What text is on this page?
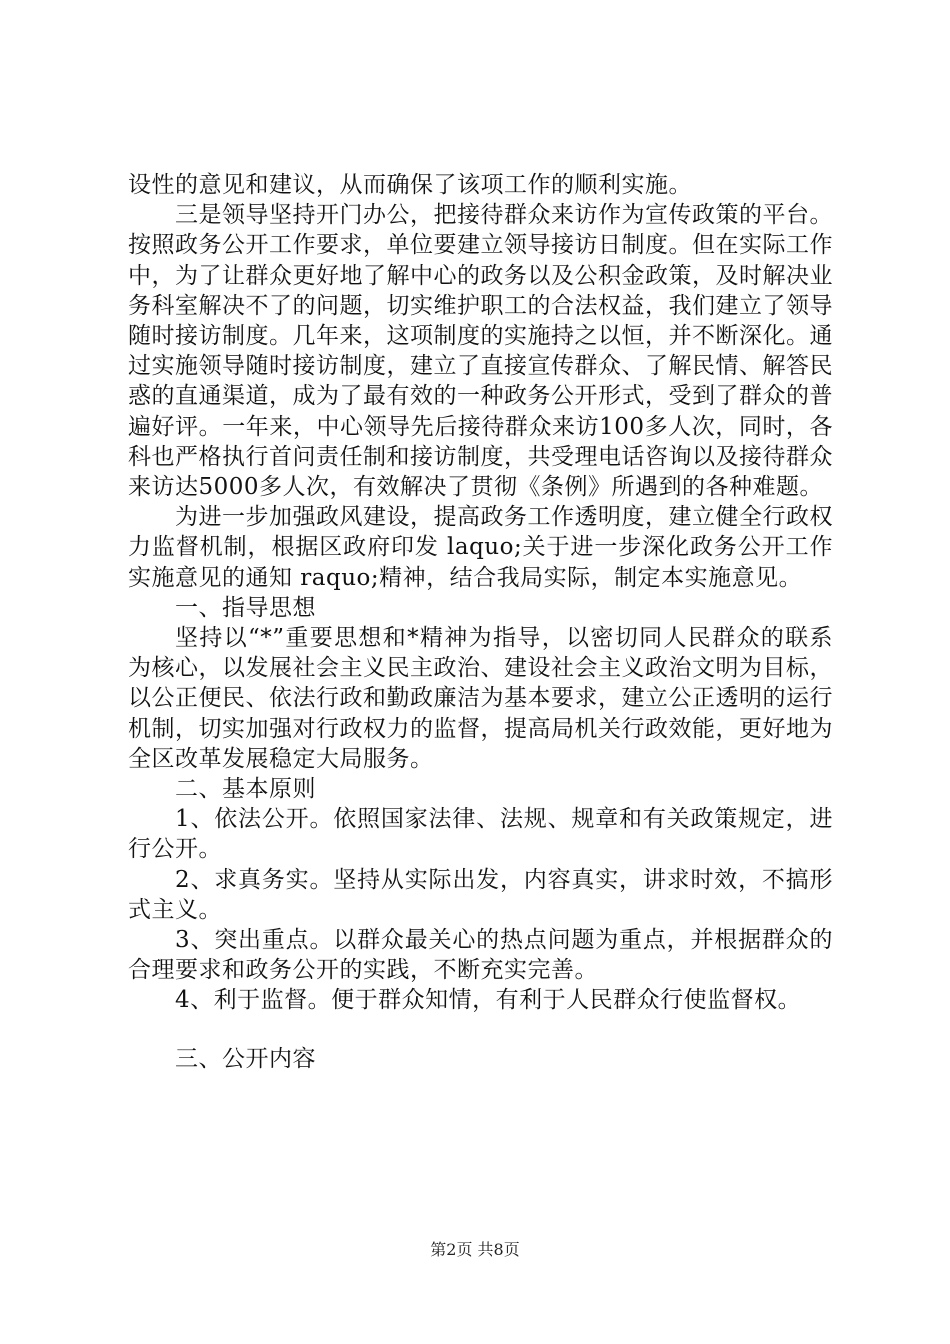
设性的意见和建议，从而确保了该项工作的顺利实施。

三是领导坚持开门办公，把接待群众来访作为宣传政策的平台。按照政务公开工作要求，单位要建立领导接访日制度。但在实际工作中，为了让群众更好地了解中心的政务以及公积金政策，及时解决业务科室解决不了的问题，切实维护职工的合法权益，我们建立了领导随时接访制度。几年来，这项制度的实施持之以恒，并不断深化。通过实施领导随时接访制度，建立了直接宣传群众、了解民情、解答民惑的直通渠道，成为了最有效的一种政务公开形式，受到了群众的普遍好评。一年来，中心领导先后接待群众来访100多人次，同时，各科也严格执行首问责任制和接访制度，共受理电话咨询以及接待群众来访达5000多人次，有效解决了贯彻《条例》所遇到的各种难题。

为进一步加强政风建设，提高政务工作透明度，建立健全行政权力监督机制，根据区政府印发 laquo;关于进一步深化政务公开工作实施意见的通知 raquo;精神，结合我局实际，制定本实施意见。

一、指导思想

坚持以“*”重要思想和*精神为指导，以密切同人民群众的联系为核心，以发展社会主义民主政治、建设社会主义政治文明为目标，以公正便民、依法行政和勤政廉洁为基本要求，建立公正透明的运行机制，切实加强对行政权力的监督，提高局机关行政效能，更好地为全区改革发展稳定大局服务。

二、基本原则

1、依法公开。依照国家法律、法规、规章和有关政策规定，进行公开。

2、求真务实。坚持从实际出发，内容真实，讲求时效，不搞形式主义。

3、突出重点。以群众最关心的热点问题为重点，并根据群众的合理要求和政务公开的实践，不断充实完善。

4、利于监督。便于群众知情，有利于人民群众行使监督权。

三、公开内容

第2页 共8页
